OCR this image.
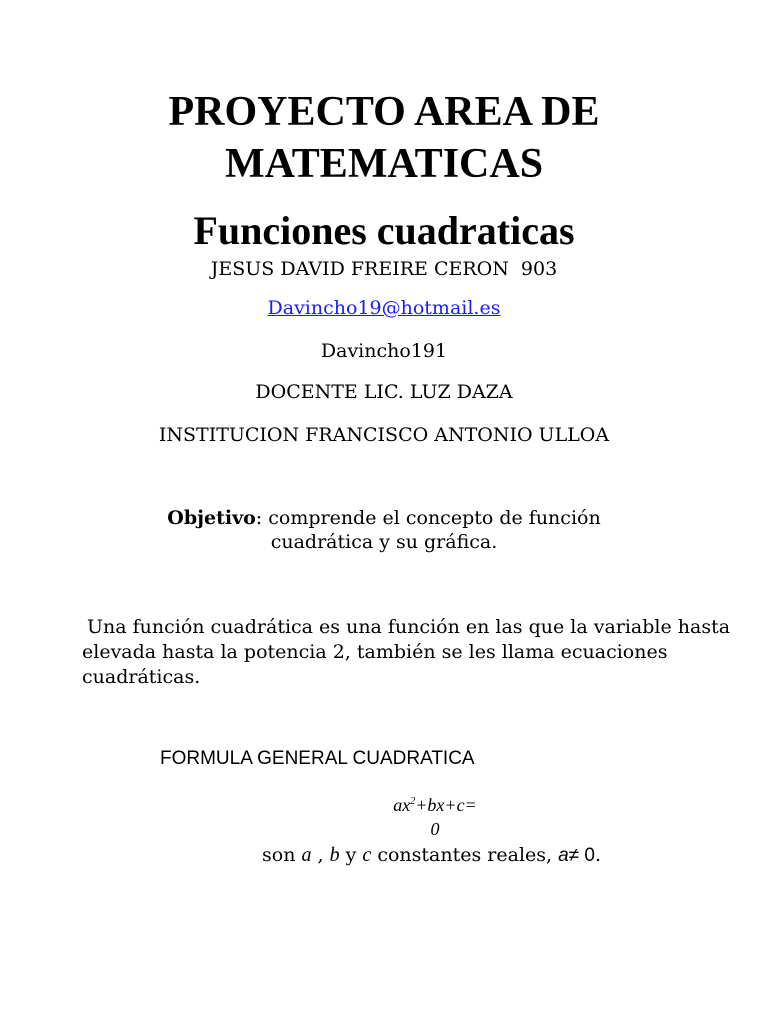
PROYECTO AREA DE
MATEMATICAS
Funciones cuadraticas
JESUS DAVID FREIRE CERON  903
Davincho19@hotmail.es
Davincho191
DOCENTE LIC. LUZ DAZA
INSTITUCION FRANCISCO ANTONIO ULLOA
Objetivo: comprende el concepto de función
cuadrática y su gráfica.
Una función cuadrática es una función en las que la variable hasta elevada hasta la potencia 2, también se les llama ecuaciones cuadráticas.
FORMULA GENERAL CUADRATICA
$ax^2+bx+c=$
0
son a , b y c constantes reales, a≠ 0.
